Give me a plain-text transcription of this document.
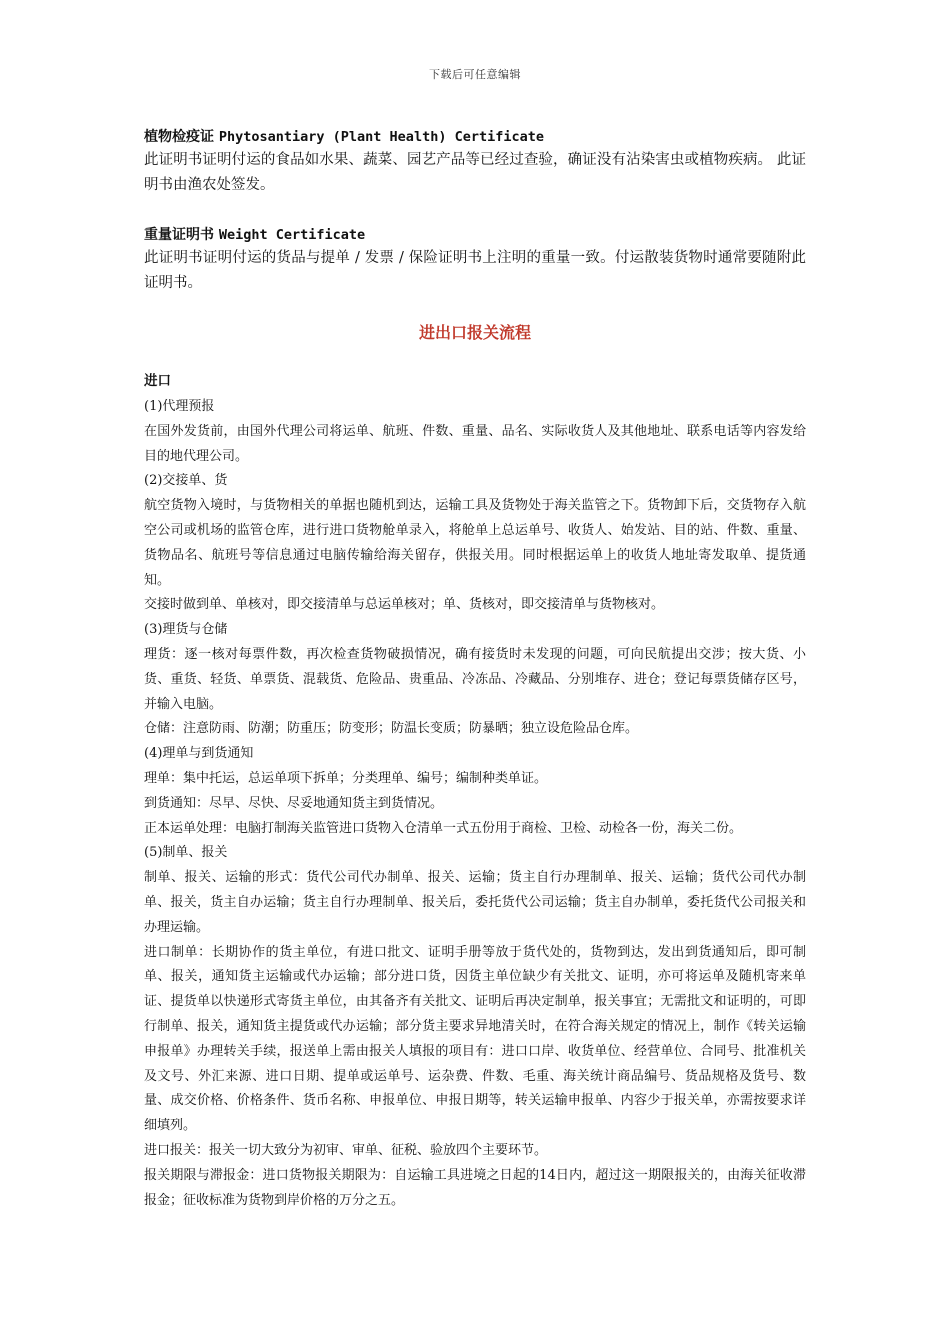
下载后可任意编辑

植物检疫证 Phytosantiary (Plant Health) Certificate

此证明书证明付运的食品如水果、蔬菜、园艺产品等已经过查验，确证没有沾染害虫或植物疾病。 此证明书由渔农处签发。

重量证明书 Weight Certificate

此证明书证明付运的货品与提单 / 发票 / 保险证明书上注明的重量一致。付运散装货物时通常要随附此证明书。

进出口报关流程
进口

(1)代理预报

在国外发货前，由国外代理公司将运单、航班、件数、重量、品名、实际收货人及其他地址、联系电话等内容发给目的地代理公司。

(2)交接单、货

航空货物入境时，与货物相关的单据也随机到达，运输工具及货物处于海关监管之下。货物卸下后，交货物存入航空公司或机场的监管仓库，进行进口货物舱单录入，将舱单上总运单号、收货人、始发站、目的站、件数、重量、货物品名、航班号等信息通过电脑传输给海关留存，供报关用。同时根据运单上的收货人地址寄发取单、提货通知。

交接时做到单、单核对，即交接清单与总运单核对；单、货核对，即交接清单与货物核对。

(3)理货与仓储

理货：逐一核对每票件数，再次检查货物破损情况，确有接货时未发现的问题，可向民航提出交涉；按大货、小货、重货、轻货、单票货、混载货、危险品、贵重品、冷冻品、冷藏品、分别堆存、进仓；登记每票货储存区号，并输入电脑。

仓储：注意防雨、防潮；防重压；防变形；防温长变质；防暴晒；独立设危险品仓库。

(4)理单与到货通知

理单：集中托运，总运单项下拆单；分类理单、编号；编制种类单证。

到货通知：尽早、尽快、尽妥地通知货主到货情况。

正本运单处理：电脑打制海关监管进口货物入仓清单一式五份用于商检、卫检、动检各一份，海关二份。

(5)制单、报关

制单、报关、运输的形式：货代公司代办制单、报关、运输；货主自行办理制单、报关、运输；货代公司代办制单、报关，货主自办运输；货主自行办理制单、报关后，委托货代公司运输；货主自办制单，委托货代公司报关和办理运输。

进口制单：长期协作的货主单位，有进口批文、证明手册等放于货代处的，货物到达，发出到货通知后，即可制单、报关，通知货主运输或代办运输；部分进口货，因货主单位缺少有关批文、证明，亦可将运单及随机寄来单证、提货单以快递形式寄货主单位，由其备齐有关批文、证明后再决定制单，报关事宜；无需批文和证明的，可即行制单、报关，通知货主提货或代办运输；部分货主要求异地清关时，在符合海关规定的情况上，制作《转关运输申报单》办理转关手续，报送单上需由报关人填报的项目有：进口口岸、收货单位、经营单位、合同号、批准机关及文号、外汇来源、进口日期、提单或运单号、运杂费、件数、毛重、海关统计商品编号、货品规格及货号、数量、成交价格、价格条件、货币名称、申报单位、申报日期等，转关运输申报单、内容少于报关单，亦需按要求详细填列。

进口报关：报关一切大致分为初审、审单、征税、验放四个主要环节。

报关期限与滞报金：进口货物报关期限为：自运输工具进境之日起的14日内，超过这一期限报关的，由海关征收滞报金；征收标准为货物到岸价格的万分之五。
